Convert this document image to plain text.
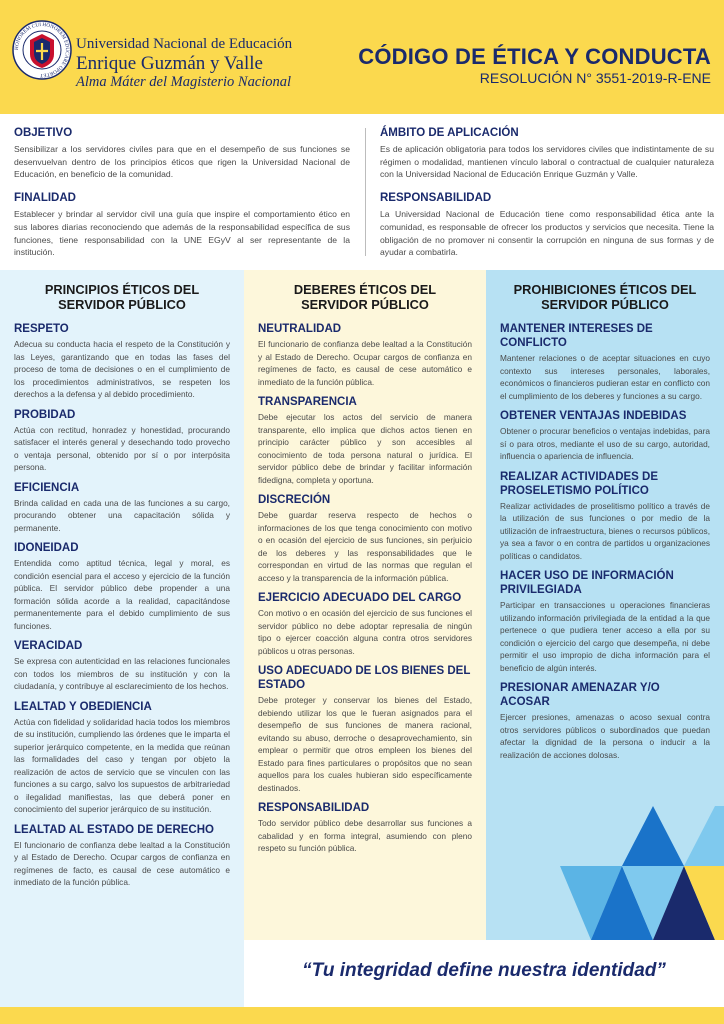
HONOREM CUI HONOREM EDUCARE OPORTET
Universidad Nacional de Educación
Enrique Guzmán y Valle
Alma Máter del Magisterio Nacional
CÓDIGO DE ÉTICA Y CONDUCTA
RESOLUCIÓN N° 3551-2019-R-ENE
OBJETIVO
Sensibilizar a los servidores civiles para que en el desempeño de sus funciones se desenvuelvan dentro de los principios éticos que rigen la Universidad Nacional de Educación, en beneficio de la comunidad.
FINALIDAD
Establecer y brindar al servidor civil una guía que inspire el comportamiento ético en sus labores diarias reconociendo que además de la responsabilidad específica de sus funciones, tiene responsabilidad con la UNE EGyV al ser representante de la institución.
ÁMBITO DE APLICACIÓN
Es de aplicación obligatoria para todos los servidores civiles que indistintamente de su régimen o modalidad, mantienen vínculo laboral o contractual de cualquier naturaleza con la Universidad Nacional de Educación Enrique Guzmán y Valle.
RESPONSABILIDAD
La Universidad Nacional de Educación tiene como responsabilidad ética ante la comunidad, es responsable de ofrecer los productos y servicios que necesita. Tiene la obligación de no promover ni consentir la corrupción en ninguna de sus formas y de ayudar a combatirla.
PRINCIPIOS ÉTICOS DEL SERVIDOR PÚBLICO
RESPETO
Adecua su conducta hacia el respeto de la Constitución y las Leyes, garantizando que en todas las fases del proceso de toma de decisiones o en el cumplimiento de los procedimientos administrativos, se respeten los derechos a la defensa y al debido procedimiento.
PROBIDAD
Actúa con rectitud, honradez y honestidad, procurando satisfacer el interés general y desechando todo provecho o ventaja personal, obtenido por sí o por interpósita persona.
EFICIENCIA
Brinda calidad en cada una de las funciones a su cargo, procurando obtener una capacitación sólida y permanente.
IDONEIDAD
Entendida como aptitud técnica, legal y moral, es condición esencial para el acceso y ejercicio de la función pública. El servidor público debe propender a una formación sólida acorde a la realidad, capacitándose permanentemente para el debido cumplimiento de sus funciones.
VERACIDAD
Se expresa con autenticidad en las relaciones funcionales con todos los miembros de su institución y con la ciudadanía, y contribuye al esclarecimiento de los hechos.
LEALTAD Y OBEDIENCIA
Actúa con fidelidad y solidaridad hacia todos los miembros de su institución, cumpliendo las órdenes que le imparta el superior jerárquico competente, en la medida que reúnan las formalidades del caso y tengan por objeto la realización de actos de servicio que se vinculen con las funciones a su cargo, salvo los supuestos de arbitrariedad o ilegalidad manifiestas, las que deberá poner en conocimiento del superior jerárquico de su institución.
LEALTAD AL ESTADO DE DERECHO
El funcionario de confianza debe lealtad a la Constitución y al Estado de Derecho. Ocupar cargos de confianza en regímenes de facto, es causal de cese automático e inmediato de la función pública.
DEBERES ÉTICOS DEL SERVIDOR PÚBLICO
NEUTRALIDAD
El funcionario de confianza debe lealtad a la Constitución y al Estado de Derecho. Ocupar cargos de confianza en regímenes de facto, es causal de cese automático e inmediato de la función pública.
TRANSPARENCIA
Debe ejecutar los actos del servicio de manera transparente, ello implica que dichos actos tienen en principio carácter público y son accesibles al conocimiento de toda persona natural o jurídica. El servidor público debe de brindar y facilitar información fidedigna, completa y oportuna.
DISCRECIÓN
Debe guardar reserva respecto de hechos o informaciones de los que tenga conocimiento con motivo o en ocasión del ejercicio de sus funciones, sin perjuicio de los deberes y las responsabilidades que le correspondan en virtud de las normas que regulan el acceso y la transparencia de la información pública.
EJERCICIO ADECUADO DEL CARGO
Con motivo o en ocasión del ejercicio de sus funciones el servidor público no debe adoptar represalia de ningún tipo o ejercer coacción alguna contra otros servidores públicos u otras personas.
USO ADECUADO DE LOS BIENES DEL ESTADO
Debe proteger y conservar los bienes del Estado, debiendo utilizar los que le fueran asignados para el desempeño de sus funciones de manera racional, evitando su abuso, derroche o desaprovechamiento, sin emplear o permitir que otros empleen los bienes del Estado para fines particulares o propósitos que no sean aquellos para los cuales hubieran sido específicamente destinados.
RESPONSABILIDAD
Todo servidor público debe desarrollar sus funciones a cabalidad y en forma integral, asumiendo con pleno respeto su función pública.
PROHIBICIONES ÉTICOS DEL SERVIDOR PÚBLICO
MANTENER INTERESES DE CONFLICTO
Mantener relaciones o de aceptar situaciones en cuyo contexto sus intereses personales, laborales, económicos o financieros pudieran estar en conflicto con el cumplimiento de los deberes y funciones a su cargo.
OBTENER VENTAJAS INDEBIDAS
Obtener o procurar beneficios o ventajas indebidas, para sí o para otros, mediante el uso de su cargo, autoridad, influencia o apariencia de influencia.
REALIZAR ACTIVIDADES DE PROSELETISMO POLÍTICO
Realizar actividades de proselitismo político a través de la utilización de sus funciones o por medio de la utilización de infraestructura, bienes o recursos públicos, ya sea a favor o en contra de partidos u organizaciones políticas o candidatos.
HACER USO DE INFORMACIÓN PRIVILEGIADA
Participar en transacciones u operaciones financieras utilizando información privilegiada de la entidad a la que pertenece o que pudiera tener acceso a ella por su condición o ejercicio del cargo que desempeña, ni debe permitir el uso impropio de dicha información para el beneficio de algún interés.
PRESIONAR AMENAZAR Y/O ACOSAR
Ejercer presiones, amenazas o acoso sexual contra otros servidores públicos o subordinados que puedan afectar la dignidad de la persona o inducir a la realización de acciones dolosas.
“Tu integridad define nuestra identidad”
